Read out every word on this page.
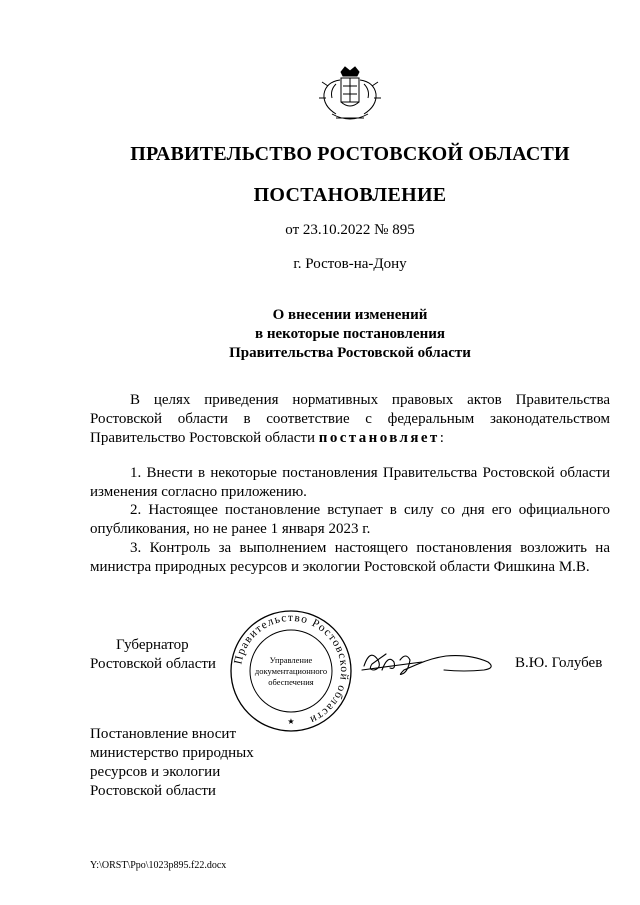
ПРАВИТЕЛЬСТВО РОСТОВСКОЙ ОБЛАСТИ
ПОСТАНОВЛЕНИЕ
от 23.10.2022 № 895
г. Ростов-на-Дону
О внесении изменений
в некоторые постановления
Правительства Ростовской области
В целях приведения нормативных правовых актов Правительства Ростовской области в соответствие с федеральным законодательством Правительство Ростовской области постановляет:
1. Внести в некоторые постановления Правительства Ростовской области изменения согласно приложению.
2. Настоящее постановление вступает в силу со дня его официального опубликования, но не ранее 1 января 2023 г.
3. Контроль за выполнением настоящего постановления возложить на министра природных ресурсов и экологии Ростовской области Фишкина М.В.
Губернатор
Ростовской области Правительство Ростовской области
Управление
документационного
обеспечения
★
В.Ю. Голубев
Постановление вносит
министерство природных
ресурсов и экологии
Ростовской области
Y:\ORST\Ppo\1023p895.f22.docx
